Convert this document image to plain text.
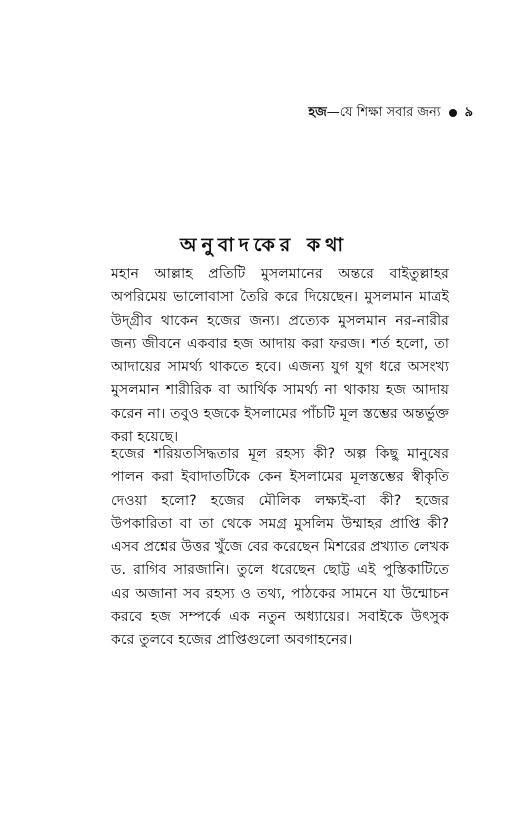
হজ —যে শিক্ষা সবার জন্য ৯
অনুবাদকের কথা

মহান আল্লাহ প্রতিটি মুসলমানের অন্তরে বাইতুল্লাহর অপরিমেয় ভালোবাসা তৈরি করে দিয়েছেন। মুসলমান মাত্রই উদ্গ্রীব থাকেন হজের জন্য। প্রত্যেক মুসলমান নর-নারীর জন্য জীবনে একবার হজ আদায় করা ফরজ। শর্ত হলো, তা আদায়ের সামর্থ্য থাকতে হবে। এজন্য যুগ যুগ ধরে অসংখ্য মুসলমান শারীরিক বা আর্থিক সামর্থ্য না থাকায় হজ আদায় করেন না। তবুও হজকে ইসলামের পাঁচটি মূল স্তম্ভের অন্তর্ভুক্ত করা হয়েছে।

হজের শরিয়তসিদ্ধতার মূল রহস্য কী? অল্প কিছু মানুষের পালন করা ইবাদাতটিকে কেন ইসলামের মূলস্তম্ভের স্বীকৃতি দেওয়া হলো? হজের মৌলিক লক্ষ্যই-বা কী? হজের উপকারিতা বা তা থেকে সমগ্র মুসলিম উম্মাহর প্রাপ্তি কী? এসব প্রশ্নের উত্তর খুঁজে বের করেছেন মিশরের প্রখ্যাত লেখক ড. রাগিব সারজানি। তুলে ধরেছেন ছোট্ট এই পুস্তিকাটিতে এর অজানা সব রহস্য ও তথ্য, পাঠকের সামনে যা উন্মোচন করবে হজ সম্পর্কে এক নতুন অধ্যায়ের। সবাইকে উৎসুক করে তুলবে হজের প্রাপ্তিগুলো অবগাহনের।
